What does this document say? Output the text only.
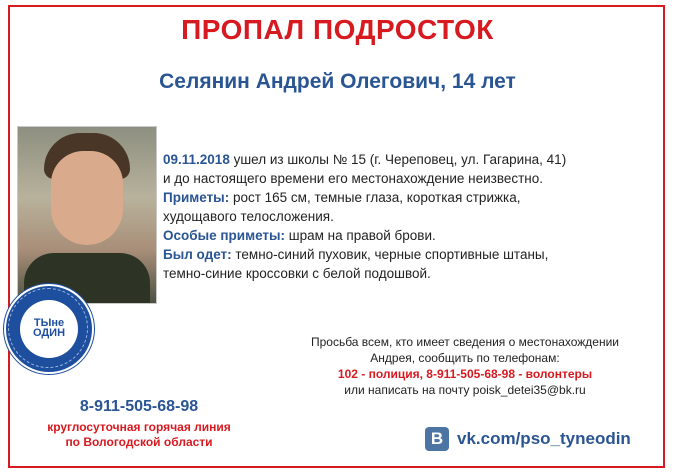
ПРОПАЛ ПОДРОСТОК
Селянин Андрей Олегович, 14 лет
ТЫне
ОДИН

09.11.2018 ушел из школы № 15 (г. Череповец, ул. Гагарина, 41)

и до настоящего времени его местонахождение неизвестно.

Приметы: рост 165 см, темные глаза, короткая стрижка,

худощавого телосложения.

Особые приметы: шрам на правой брови.

Был одет: темно-синий пуховик, черные спортивные штаны,

темно-синие кроссовки с белой подошвой.

Просьба всем, кто имеет сведения о местонахождении
Андрея, сообщить по телефонам:
102 - полиция, 8-911-505-68-98 - волонтеры
или написать на почту poisk_detei35@bk.ru
8-911-505-68-98
круглосуточная горячая линия
по Вологодской области	В vk.com/pso_tyneodin
